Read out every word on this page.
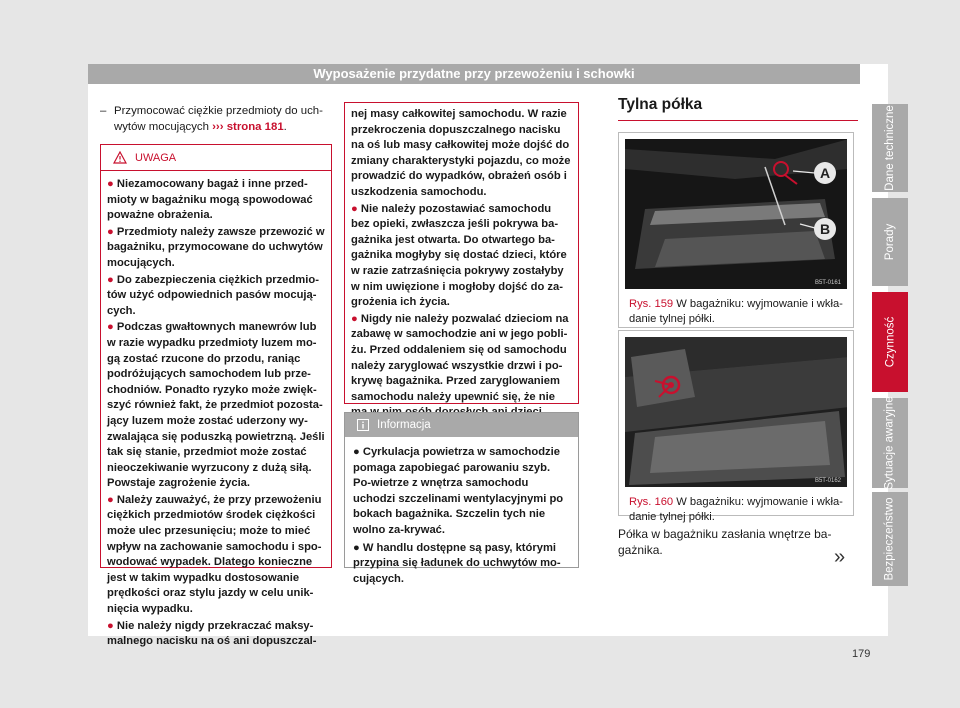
Wyposażenie przydatne przy przewożeniu i schowki
– Przymocować ciężkie przedmioty do uch-wytów mocujących ››› strona 181.
UWAGA

● Niezamocowany bagaż i inne przed-mioty w bagażniku mogą spowodować poważne obrażenia.

● Przedmioty należy zawsze przewozić w bagażniku, przymocowane do uchwytów mocujących.

● Do zabezpieczenia ciężkich przedmio-tów użyć odpowiednich pasów mocują-cych.

● Podczas gwałtownych manewrów lub w razie wypadku przedmioty luzem mo-gą zostać rzucone do przodu, raniąc podróżujących samochodem lub prze-chodniów. Ponadto ryzyko może zwięk-szyć również fakt, że przedmiot pozosta-jący luzem może zostać uderzony wy-zwalająca się poduszką powietrzną. Jeśli tak się stanie, przedmiot może zostać nieoczekiwanie wyrzucony z dużą siłą. Powstaje zagrożenie życia.

● Należy zauważyć, że przy przewożeniu ciężkich przedmiotów środek ciężkości może ulec przesunięciu; może to mieć wpływ na zachowanie samochodu i spo-wodować wypadek. Dlatego konieczne jest w takim wypadku dostosowanie prędkości oraz stylu jazdy w celu unik-nięcia wypadku.

● Nie należy nigdy przekraczać maksy-malnego nacisku na oś ani dopuszczal-

nej masy całkowitej samochodu. W razie przekroczenia dopuszczalnego nacisku na oś lub masy całkowitej może dojść do zmiany charakterystyki pojazdu, co może prowadzić do wypadków, obrażeń osób i uszkodzenia samochodu.

● Nie należy pozostawiać samochodu bez opieki, zwłaszcza jeśli pokrywa ba-gażnika jest otwarta. Do otwartego ba-gażnika mogłyby się dostać dzieci, które w razie zatrzaśnięcia pokrywy zostałyby w nim uwięzione i mogłoby dojść do za-grożenia ich życia.

● Nigdy nie należy pozwalać dzieciom na zabawę w samochodzie ani w jego pobli-żu. Przed oddaleniem się od samochodu należy zaryglować wszystkie drzwi i po-krywę bagażnika. Przed zaryglowaniem samochodu należy upewnić się, że nie

Informacja

● Cyrkulacja powietrza w samochodzie pomaga zapobiegać parowaniu szyb. Po-wietrze z wnętrza samochodu uchodzi szczelinami wentylacyjnymi po bokach bagażnika. Szczelin tych nie wolno za-krywać.

● W handlu dostępne są pasy, którymi przypina się ładunek do uchwytów mo-cujących.

Tylna półka
A
B
B5T-0161
Rys. 159 W bagażniku: wyjmowanie i wkła-danie tylnej półki.
B5T-0162
Rys. 160 W bagażniku: wyjmowanie i wkła-danie tylnej półki.
Półka w bagażniku zasłania wnętrze ba-gażnika.	»
Dane techniczne
Porady
Czynność
Sytuacje awaryjne
Bezpieczeństwo
179
